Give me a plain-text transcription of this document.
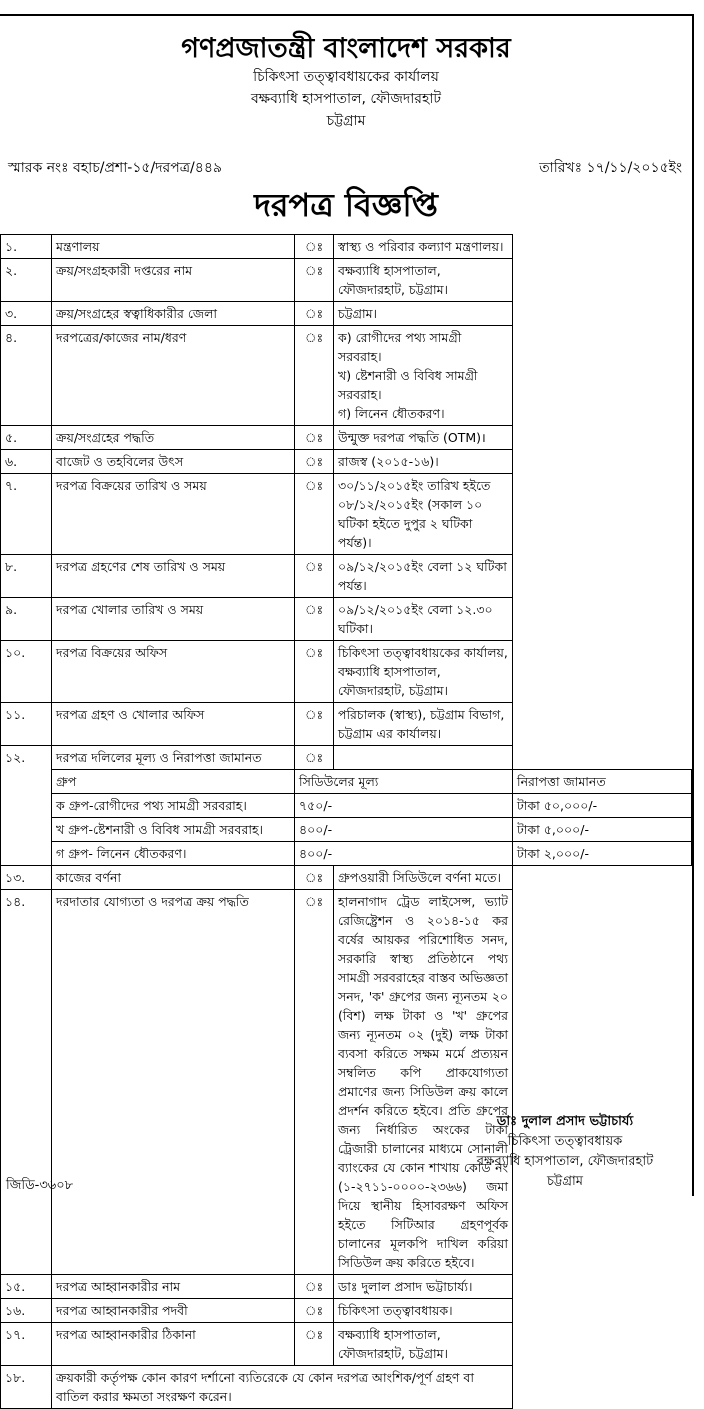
গণপ্রজাতন্ত্রী বাংলাদেশ সরকার
চিকিৎসা তত্ত্বাবধায়কের কার্যালয়
বক্ষব্যাধি হাসপাতাল, ফৌজদারহাট
চট্টগ্রাম
স্মারক নংঃ বহাচ/প্রশা-১৫/দরপত্র/৪৪৯	তারিখঃ ১৭/১১/২০১৫ইং
দরপত্র বিজ্ঞপ্তি
১.	মন্ত্রণালয়	ঃ	স্বাস্থ্য ও পরিবার কল্যাণ মন্ত্রণালয়।	
২.	ক্রয়/সংগ্রহকারী দপ্তরের নাম	ঃ	বক্ষব্যাধি হাসপাতাল, ফৌজদারহাট, চট্টগ্রাম।	
৩.	ক্রয়/সংগ্রহের স্বত্বাধিকারীর জেলা	ঃ	চট্টগ্রাম।	
৪.	দরপত্রের/কাজের নাম/ধরণ	ঃ	ক) রোগীদের পথ্য সামগ্রী সরবরাহ।
খ) ষ্টেশনারী ও বিবিধ সামগ্রী সরবরাহ।
গ) লিনেন ধৌতকরণ।	

৫.	ক্রয়/সংগ্রহের পদ্ধতি	ঃ	উন্মুক্ত দরপত্র পদ্ধতি (OTM)।	
৬.	বাজেট ও তহবিলের উৎস	ঃ	রাজস্ব (২০১৫-১৬)।	
৭.	দরপত্র বিক্রয়ের তারিখ ও সময়	ঃ	৩০/১১/২০১৫ইং তারিখ হইতে ০৮/১২/২০১৫ইং (সকাল ১০ ঘটিকা হইতে দুপুর ২ ঘটিকা পর্যন্ত)।	
৮.	দরপত্র গ্রহণের শেষ তারিখ ও সময়	ঃ	০৯/১২/২০১৫ইং বেলা ১২ ঘটিকা পর্যন্ত।	
৯.	দরপত্র খোলার তারিখ ও সময়	ঃ	০৯/১২/২০১৫ইং বেলা ১২.৩০ ঘটিকা।	
১০.	দরপত্র বিক্রয়ের অফিস	ঃ	চিকিৎসা তত্ত্বাবধায়কের কার্যালয়, বক্ষব্যাধি হাসপাতাল, ফৌজদারহাট, চট্টগ্রাম।	
১১.	দরপত্র গ্রহণ ও খোলার অফিস	ঃ	পরিচালক (স্বাস্থ্য), চট্টগ্রাম বিভাগ, চট্টগ্রাম এর কার্যালয়।	
১২.	দরপত্র দলিলের মূল্য ও নিরাপত্তা জামানত	ঃ		
	গ্রুপ	সিডিউলের মূল্য		নিরাপত্তা জামানত
	ক গ্রুপ-রোগীদের পথ্য সামগ্রী সরবরাহ।	৭৫০/-		টাকা ৫০,০০০/-
	খ গ্রুপ-ষ্টেশনারী ও বিবিধ সামগ্রী সরবরাহ।	৪০০/-		টাকা ৫,০০০/-
	গ গ্রুপ- লিনেন ধৌতকরণ।	৪০০/-		টাকা ২,০০০/-
১৩.	কাজের বর্ণনা	ঃ	গ্রুপওয়ারী সিডিউলে বর্ণনা মতে।	
১৪.	দরদাতার যোগ্যতা ও দরপত্র ক্রয় পদ্ধতি	ঃ	হালনাগাদ ট্রেড লাইসেন্স, ভ্যাট রেজিষ্ট্রেশন ও ২০১৪-১৫ কর বর্ষের আয়কর পরিশোধিত সনদ, সরকারি স্বাস্থ্য প্রতিষ্ঠানে পথ্য সামগ্রী সরবরাহের বাস্তব অভিজ্ঞতা সনদ, 'ক' গ্রুপের জন্য ন্যূনতম ২০ (বিশ) লক্ষ টাকা ও 'খ' গ্রুপের জন্য ন্যূনতম ০২ (দুই) লক্ষ টাকা ব্যবসা করিতে সক্ষম মর্মে প্রত্যয়ন সম্বলিত কপি প্রাকযোগ্যতা প্রমাণের জন্য সিডিউল ক্রয় কালে প্রদর্শন করিতে হইবে। প্রতি গ্রুপের জন্য নির্ধারিত অংকের টাকা ট্রেজারী চালানের মাধ্যমে সোনালী ব্যাংকের যে কোন শাখায় কোড নং (১-২৭১১-০০০০-২৩৬৬) জমা দিয়ে স্থানীয় হিসাবরক্ষণ অফিস হইতে সিটিআর গ্রহণপূর্বক চালানের মূলকপি দাখিল করিয়া সিডিউল ক্রয় করিতে হইবে।	
১৫.	দরপত্র আহ্বানকারীর নাম	ঃ	ডাঃ দুলাল প্রসাদ ভট্টাচার্য্য।	
১৬.	দরপত্র আহ্বানকারীর পদবী	ঃ	চিকিৎসা তত্ত্বাবধায়ক।	
১৭.	দরপত্র আহ্বানকারীর ঠিকানা	ঃ	বক্ষব্যাধি হাসপাতাল, ফৌজদারহাট, চট্টগ্রাম।	
১৮.	ক্রয়কারী কর্তৃপক্ষ কোন কারণ দর্শানো ব্যতিরেকে যে কোন দরপত্র আংশিক/পূর্ণ গ্রহণ বা বাতিল করার ক্ষমতা সংরক্ষণ করেন।			
ডাঃ দুলাল প্রসাদ ভট্টাচার্য্য
চিকিৎসা তত্ত্বাবধায়ক
বক্ষব্যাধি হাসপাতাল, ফৌজদারহাট
চট্টগ্রাম
জিডি-৩৬০৮
